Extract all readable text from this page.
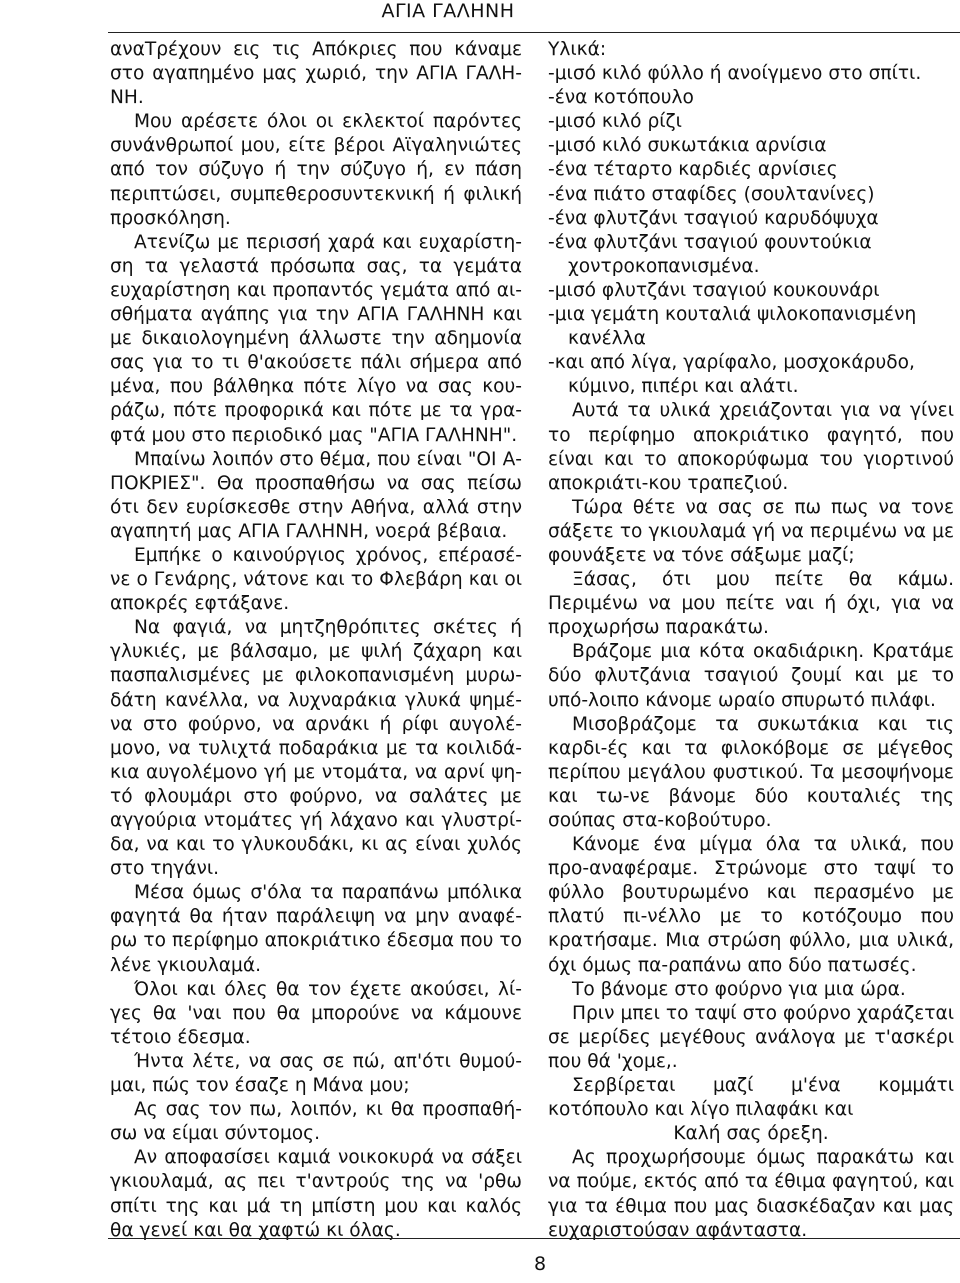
ΑΓΙΑ ΓΑΛΗΝΗ

αναTρέχουν εις τις Απόκριες που κάναμε στο αγαπημένο μας χωριό, την ΑΓΙΑ ΓΑΛΗ-ΝΗ.

Μου αρέσετε όλοι οι εκλεκτοί παρόντες συνάνθρωποί μου, είτε βέροι Αϊγαληνιώτες από τον σύζυγο ή την σύζυγο ή, εν πάση περιπτώσει, συμπεθεροσυντεκνική ή φιλική προσκόληση.

Ατενίζω με περισσή χαρά και ευχαρίστη-ση τα γελαστά πρόσωπα σας, τα γεμάτα ευχαρίστηση και προπαντός γεμάτα από αι-σθήματα αγάπης για την ΑΓΙΑ ΓΑΛΗΝΗ και με δικαιολογημένη άλλωστε την αδημονία σας για το τι θ'ακούσετε πάλι σήμερα από μένα, που βάλθηκα πότε λίγο να σας κου-ράζω, πότε προφορικά και πότε με τα γρα-φτά μου στο περιοδικό μας "ΑΓΙΑ ΓΑΛΗΝΗ".

Μπαίνω λοιπόν στο θέμα, που είναι "ΟΙ Α-ΠΟΚΡΙΕΣ". Θα προσπαθήσω να σας πείσω ότι δεν ευρίσκεσθε στην Αθήνα, αλλά στην αγαπητή μας ΑΓΙΑ ΓΑΛΗΝΗ, νοερά βέβαια.

Εμπήκε ο καινούργιος χρόνος, επέρασέ-νε ο Γενάρης, νάτονε και το Φλεβάρη και οι αποκρές εφτάξανε.

Να φαγιά, να μητζηθρόπιτες σκέτες ή γλυκιές, με βάλσαμο, με ψιλή ζάχαρη και πασπαλισμένες με φιλοκοπανισμένη μυρω-δάτη κανέλλα, να λυχναράκια γλυκά ψημέ-να στο φούρνο, να αρνάκι ή ρίφι αυγολέ-μονο, να τυλιχτά ποδαράκια με τα κοιλιδά-κια αυγολέμονο γή με ντομάτα, να αρνί ψη-τό φλουμάρι στο φούρνο, να σαλάτες με αγγούρια ντομάτες γή λάχανο και γλυστρί-δα, να και το γλυκουδάκι, κι ας είναι χυλός στο τηγάνι.

Μέσα όμως σ'όλα τα παραπάνω μπόλικα φαγητά θα ήταν παράλειψη να μην αναφέ-ρω το περίφημο αποκριάτικο έδεσμα που το λένε γκιουλαμά.

Όλοι και όλες θα τον έχετε ακούσει, λί-γες θα 'ναι που θα μπορούνε να κάμουνε τέτοιο έδεσμα.

Ήντα λέτε, να σας σε πώ, απ'ότι θυμού-μαι, πώς τον έσαζε η Μάνα μου;

Ας σας τον πω, λοιπόν, κι θα προσπαθή-σω να είμαι σύντομος.

Αν αποφασίσει καμιά νοικοκυρά να σάξει γκιουλαμά, ας πει τ'αντρούς της να 'ρθω σπίτι της και μά τη μπίστη μου και καλός θα γενεί και θα χαφτώ κι όλας.

Υλικά:

-μισό κιλό φύλλο ή ανοίγμενο στο σπίτι.

-ένα κοτόπουλο

-μισό κιλό ρίζι

-μισό κιλό συκωτάκια αρνίσια

-ένα τέταρτο καρδιές αρνίσιες

-ένα πιάτο σταφίδες (σουλτανίνες)

-ένα φλυτζάνι τσαγιού καρυδόψυχα

-ένα φλυτζάνι τσαγιού φουντούκια χοντροκοπανισμένα.

-μισό φλυτζάνι τσαγιού κουκουνάρι

-μια γεμάτη κουταλιά ψιλοκοπανισμένη κανέλλα

-και από λίγα, γαρίφαλο, μοσχοκάρυδο, κύμινο, πιπέρι και αλάτι.

Αυτά τα υλικά χρειάζονται για να γίνει το περίφημο αποκριάτικο φαγητό, που είναι και το αποκορύφωμα του γιορτινού αποκριάτι-κου τραπεζιού.

Τώρα θέτε να σας σε πω πως να τονε σάξετε το γκιουλαμά γή να περιμένω να με φουνάξετε να τόνε σάξωμε μαζί;

Ξάσας, ότι μου πείτε θα κάμω. Περιμένω να μου πείτε ναι ή όχι, για να προχωρήσω παρακάτω.

Βράζομε μια κότα οκαδιάρικη. Κρατάμε δύο φλυτζάνια τσαγιού ζουμί και με το υπό-λοιπο κάνομε ωραίο σπυρωτό πιλάφι.

Μισοβράζομε τα συκωτάκια και τις καρδι-ές και τα φιλοκόβομε σε μέγεθος περίπου μεγάλου φυστικού. Τα μεσοψήνομε και τω-νε βάνομε δύο κουταλιές της σούπας στα-κοβούτυρο.

Κάνομε ένα μίγμα όλα τα υλικά, που προ-αναφέραμε. Στρώνομε στο ταψί το φύλλο βουτυρωμένο και περασμένο με πλατύ πι-νέλλο με το κοτόζουμο που κρατήσαμε. Μια στρώση φύλλο, μια υλικά, όχι όμως πα-ραπάνω απο δύο πατωσές.

Το βάνομε στο φούρνο για μια ώρα.

Πριν μπει το ταψί στο φούρνο χαράζεται σε μερίδες μεγέθους ανάλογα με τ'ασκέρι που θά 'χομε,.

Σερβίρεται μαζί μ'ένα κομμάτι κοτόπουλο και λίγο πιλαφάκι και

Καλή σας όρεξη.

Ας προχωρήσουμε όμως παρακάτω και να πούμε, εκτός από τα έθιμα φαγητού, και για τα έθιμα που μας διασκέδαζαν και μας ευχαριστούσαν αφάνταστα.

8
